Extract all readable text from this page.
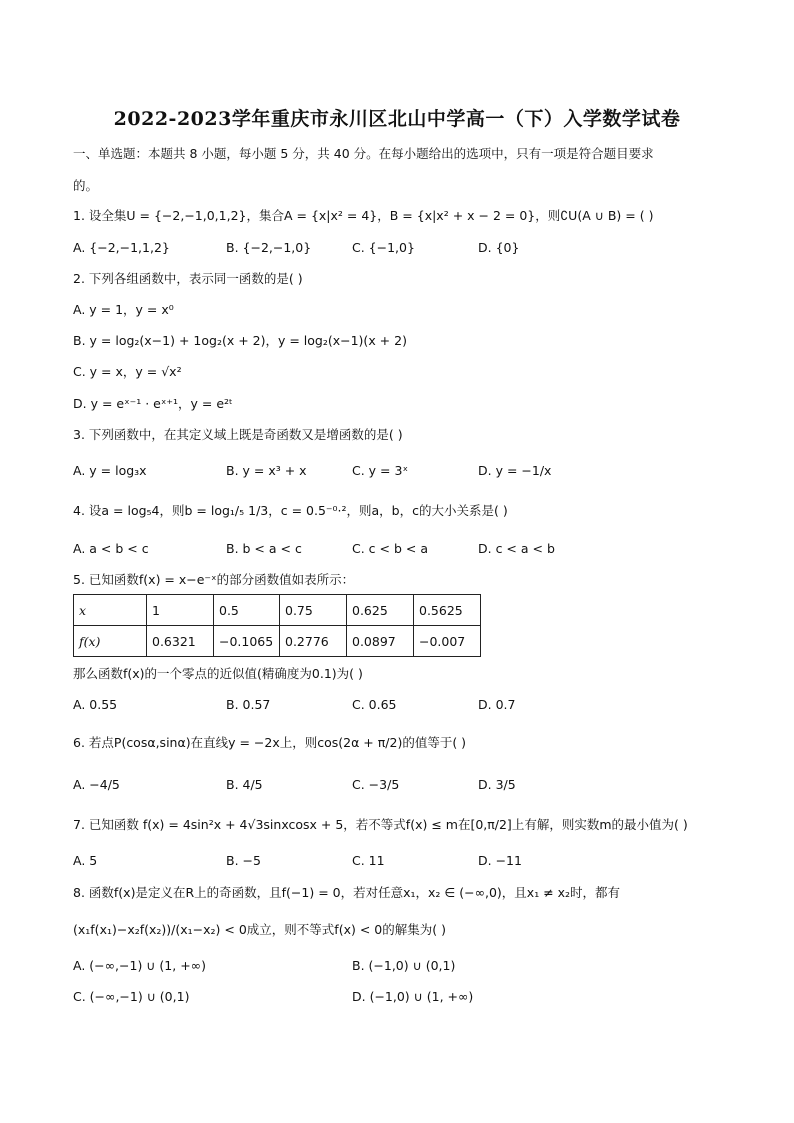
2022-2023学年重庆市永川区北山中学高一（下）入学数学试卷
一、单选题：本题共 8 小题，每小题 5 分，共 40 分。在每小题给出的选项中，只有一项是符合题目要求
的。
1. 设全集U = {−2,−1,0,1,2}，集合A = {x|x² = 4}，B = {x|x² + x − 2 = 0}，则∁U(A ∪ B) = ( )
A. {−2,−1,1,2}	B. {−2,−1,0}	C. {−1,0}	D. {0}
2. 下列各组函数中，表示同一函数的是( )
A. y = 1，y = x⁰
B. y = log₂(x−1) + 1og₂(x + 2)，y = log₂(x−1)(x + 2)
C. y = x，y = √x²
D. y = eˣ⁻¹ · eˣ⁺¹，y = e²ᵗ
3. 下列函数中，在其定义域上既是奇函数又是增函数的是( )
A. y = log₃x	B. y = x³ + x	C. y = 3ˣ	D. y = −1/x
4. 设a = log₅4，则b = log₁/₅ 1/3，c = 0.5⁻⁰·²，则a，b，c的大小关系是( )
A. a < b < c	B. b < a < c	C. c < b < a	D. c < a < b
5. 已知函数f(x) = x−e⁻ˣ的部分函数值如表所示：
x	1	0.5	0.75	0.625	0.5625
f(x)	0.6321	−0.1065	0.2776	0.0897	−0.007
那么函数f(x)的一个零点的近似值(精确度为0.1)为( )
A. 0.55	B. 0.57	C. 0.65	D. 0.7
6. 若点P(cosα,sinα)在直线y = −2x上，则cos(2α + π/2)的值等于( )
A. −4/5	B. 4/5	C. −3/5	D. 3/5
7. 已知函数 f(x) = 4sin²x + 4√3sinxcosx + 5，若不等式f(x) ≤ m在[0,π/2]上有解，则实数m的最小值为( )
A. 5	B. −5	C. 11	D. −11
8. 函数f(x)是定义在R上的奇函数，且f(−1) = 0，若对任意x₁，x₂ ∈ (−∞,0)，且x₁ ≠ x₂时，都有
(x₁f(x₁)−x₂f(x₂))/(x₁−x₂) < 0成立，则不等式f(x) < 0的解集为( )
A. (−∞,−1) ∪ (1, +∞)	B. (−1,0) ∪ (0,1)
C. (−∞,−1) ∪ (0,1)	D. (−1,0) ∪ (1, +∞)
